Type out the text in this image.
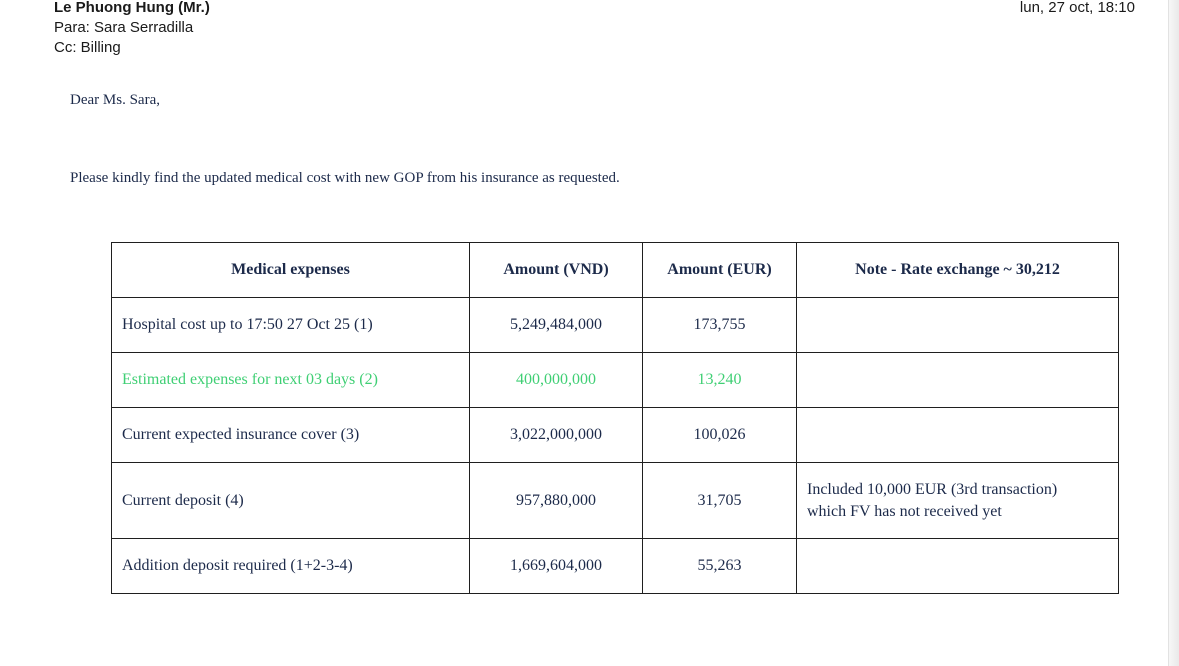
Le Phuong Hung (Mr.)
Para: Sara Serradilla
Cc: Billing
lun, 27 oct, 18:10
Dear Ms. Sara,
Please kindly find the updated medical cost with new GOP from his insurance as requested.
Medical expenses	Amount (VND)	Amount (EUR)	Note - Rate exchange ~ 30,212
Hospital cost up to 17:50 27 Oct 25 (1)	5,249,484,000	173,755	
Estimated expenses for next 03 days (2)	400,000,000	13,240	
Current expected insurance cover (3)	3,022,000,000	100,026	
Current deposit (4)	957,880,000	31,705	Included 10,000 EUR (3rd transaction)
which FV has not received yet

Addition deposit required (1+2-3-4)	1,669,604,000	55,263	
